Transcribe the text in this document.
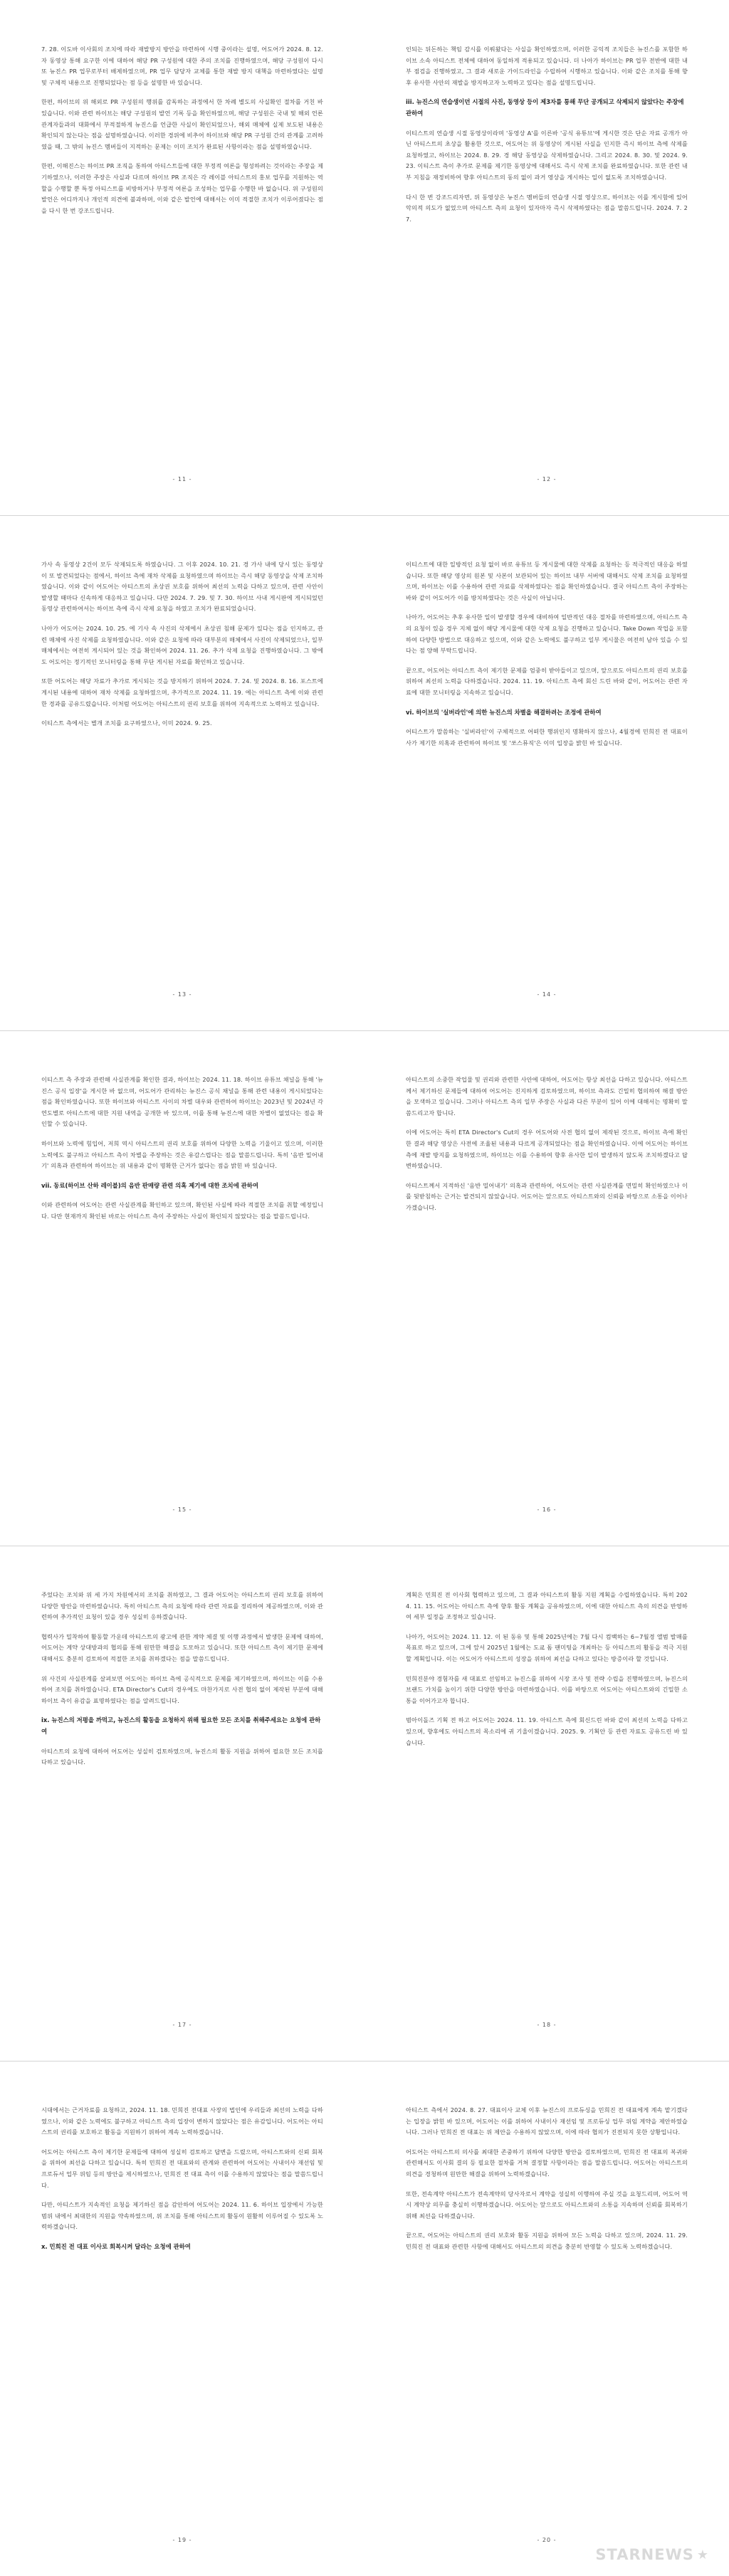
7. 28. 이도바 이사회의 조치에 따라 재발방지 방안을 마련하여 시행 중이라는 설명, 어도어가 2024. 8. 12.자 동영상 통해 요구한 이에 대하여 해당 PR 구성원에 대한 주의 조치를 진행하였으며, 해당 구성원이 다시 또 뉴진스 PR 업무로부터 배제하였으며, PR 업무 담당자 교체를 통한 재발 방지 대책을 마련하였다는 설명 및 구체적 내용으로 진행되었다는 점 등을 설명한 바 있습니다.
한편, 하이브의 위 해외로 PR 구성원의 행위를 감독하는 과정에서 한 차례 별도의 사실확인 절차를 거친 바 있습니다. 이와 관련 하이브는 해당 구성원의 발언 기록 등을 확인하였으며, 해당 구성원은 국내 및 해외 언론 관계자들과의 대화에서 부적절하게 뉴진스를 언급한 사실이 확인되었으나, 해외 매체에 실제 보도된 내용은 확인되지 않는다는 점을 설명하였습니다. 이러한 경위에 비추어 하이브와 해당 PR 구성원 간의 관계를 고려하였을 때, 그 밖의 뉴진스 멤버들이 지적하는 문제는 이미 조치가 완료된 사항이라는 점을 설명하였습니다.
한편, 이해진스는 하이브 PR 조직을 통하여 아티스트들에 대한 부정적 여론을 형성하려는 것이라는 주장을 제기하였으나, 이러한 주장은 사실과 다르며 하이브 PR 조직은 각 레이블 아티스트의 홍보 업무를 지원하는 역할을 수행할 뿐 특정 아티스트를 비방하거나 부정적 여론을 조성하는 업무를 수행한 바 없습니다. 위 구성원의 발언은 어디까지나 개인적 의견에 불과하며, 이와 같은 발언에 대해서는 이미 적절한 조치가 이루어졌다는 점을 다시 한 번 강조드립니다.
- 11 -
인되는 뒤돈하는 책임 감시를 이뤄왔다는 사실을 확인하였으며, 이러한 공익적 조치들은 뉴진스를 포함한 하이브 소속 아티스트 전체에 대하여 동일하게 적용되고 있습니다. 더 나아가 하이브는 PR 업무 전반에 대한 내부 점검을 진행하였고, 그 결과 새로운 가이드라인을 수립하여 시행하고 있습니다. 이와 같은 조치를 통해 향후 유사한 사안의 재발을 방지하고자 노력하고 있다는 점을 설명드립니다.
iii. 뉴진스의 연습생이던 시절의 사진, 동영상 등이 제3자를 통해 무단 공개되고 삭제되지 않았다는 주장에 관하여
이티스트의 연습생 시절 동영상이라며 '동영상 A'를 이른바 '공식 유튜브'에 게시한 것은 단순 자료 공개가 아닌 아티스트의 초상을 활용한 것으로, 어도어는 위 동영상이 게시된 사실을 인지한 즉시 하이브 측에 삭제를 요청하였고, 하이브는 2024. 8. 29. 경 해당 동영상을 삭제하였습니다. 그리고 2024. 8. 30. 및 2024. 9. 23. 이티스트 측이 추가로 문제를 제기한 동영상에 대해서도 즉시 삭제 조치를 완료하였습니다. 또한 관련 내부 지침을 재정비하여 향후 아티스트의 동의 없이 과거 영상을 게시하는 일이 없도록 조치하였습니다.
다시 한 번 강조드리자면, 위 동영상은 뉴진스 멤버들의 연습생 시절 영상으로, 하이브는 이를 게시함에 있어 악의적 의도가 없었으며 아티스트 측의 요청이 있자마자 즉시 삭제하였다는 점을 말씀드립니다. 2024. 7. 27.
- 12 -
가사 속 동영상 2건이 모두 삭제되도록 하였습니다. 그 이후 2024. 10. 21. 경 가사 내에 당시 있는 동영상이 또 발견되었다는 점에서, 하이브 측에 재차 삭제를 요청하였으며 하이브는 즉시 해당 동영상을 삭제 조치하였습니다. 이와 같이 어도어는 아티스트의 초상권 보호를 위하여 최선의 노력을 다하고 있으며, 관련 사안이 발생할 때마다 신속하게 대응하고 있습니다. 다만 2024. 7. 29. 및 7. 30. 하이브 사내 게시판에 게시되었던 동영상 관련하여서는 하이브 측에 즉시 삭제 요청을 하였고 조치가 완료되었습니다.
나아가 어도어는 2024. 10. 25. 에 기사 속 사진의 삭제에서 초상권 침해 문제가 있다는 점을 인지하고, 관련 매체에 사진 삭제를 요청하였습니다. 이와 같은 요청에 따라 대부분의 매체에서 사진이 삭제되었으나, 일부 매체에서는 여전히 게시되어 있는 것을 확인하여 2024. 11. 26. 추가 삭제 요청을 진행하였습니다. 그 밖에도 어도어는 정기적인 모니터링을 통해 무단 게시된 자료를 확인하고 있습니다.
또한 어도어는 해당 자료가 추가로 게시되는 것을 방지하기 위하여 2024. 7. 24. 및 2024. 8. 16. 포스트에 게시된 내용에 대하여 재차 삭제를 요청하였으며, 추가적으로 2024. 11. 19. 에는 아티스트 측에 이와 관련한 경과를 공유드렸습니다. 이처럼 어도어는 아티스트의 권리 보호를 위하여 지속적으로 노력하고 있습니다.
이티스트 측에서는 별개 조치를 요구하였으나, 이미 2024. 9. 25.
- 13 -
이티스트에 대한 일방적인 요청 없이 바로 유튜브 등 게시물에 대한 삭제를 요청하는 등 적극적인 대응을 하였습니다. 또한 해당 영상의 원본 및 사본이 보관되어 있는 하이브 내부 서버에 대해서도 삭제 조치를 요청하였으며, 하이브는 이를 수용하여 관련 자료를 삭제하였다는 점을 확인하였습니다. 결국 아티스트 측이 주장하는 바와 같이 어도어가 이를 방치하였다는 것은 사실이 아닙니다.
나아가, 어도어는 추후 유사한 일이 발생할 경우에 대비하여 일반적인 대응 절차를 마련하였으며, 아티스트 측의 요청이 있을 경우 지체 없이 해당 게시물에 대한 삭제 요청을 진행하고 있습니다. Take Down 작업을 포함하여 다양한 방법으로 대응하고 있으며, 이와 같은 노력에도 불구하고 일부 게시물은 여전히 남아 있을 수 있다는 점 양해 부탁드립니다.
끝으로, 어도어는 아티스트 측이 제기한 문제를 엄중히 받아들이고 있으며, 앞으로도 아티스트의 권리 보호를 위하여 최선의 노력을 다하겠습니다. 2024. 11. 19. 아티스트 측에 회신 드린 바와 같이, 어도어는 관련 자료에 대한 모니터링을 지속하고 있습니다.
vi. 하이브의 '실버라인'에 의한 뉴진스의 차별을 해결하려는 조정에 관하여
어티스트가 말씀하는 '실버라인'이 구체적으로 어떠한 행위인지 명확하지 않으나, 4월경에 민희진 전 대표이사가 제기한 의혹과 관련하여 하이브 및 '쏘스뮤직'은 이미 입장을 밝힌 바 있습니다.
- 14 -
이티스트 측 주장과 관련해 사실관계를 확인한 결과, 하이브는 2024. 11. 18. 하이브 유튜브 채널을 통해 '뉴진스 공식 입장'을 게시한 바 없으며, 어도어가 관리하는 뉴진스 공식 채널을 통해 관련 내용이 게시되었다는 점을 확인하였습니다. 또한 하이브와 아티스트 사이의 차별 대우와 관련하여 하이브는 2023년 및 2024년 각 연도별로 아티스트에 대한 지원 내역을 공개한 바 있으며, 이를 통해 뉴진스에 대한 차별이 없었다는 점을 확인할 수 있습니다.
하이브와 노력에 힘입어, 저희 역시 아티스트의 권리 보호를 위하여 다양한 노력을 기울이고 있으며, 이러한 노력에도 불구하고 아티스트 측이 차별을 주장하는 것은 유감스럽다는 점을 말씀드립니다. 특히 '음반 밀어내기' 의혹과 관련하여 하이브는 위 내용과 같이 명확한 근거가 없다는 점을 밝힌 바 있습니다.
vii. 동료(하이브 산하 레이블)의 음반 판매량 관련 의혹 제기에 대한 조치에 관하여
이와 관련하여 어도어는 관련 사실관계를 확인하고 있으며, 확인된 사실에 따라 적절한 조치를 취할 예정입니다. 다만 현재까지 확인된 바로는 아티스트 측이 주장하는 사실이 확인되지 않았다는 점을 말씀드립니다.
- 15 -
아티스트의 소중한 작업물 및 권리와 관련한 사안에 대하여, 어도어는 항상 최선을 다하고 있습니다. 아티스트께서 제기하신 문제들에 대하여 어도어는 진지하게 검토하였으며, 하이브 측과도 긴밀히 협의하여 해결 방안을 모색하고 있습니다. 그러나 아티스트 측의 일부 주장은 사실과 다른 부분이 있어 이에 대해서는 명확히 말씀드리고자 합니다.
이에 어도어는 특히 ETA Director's Cut의 경우 어도어와 사전 협의 없이 제작된 것으로, 하이브 측에 확인한 결과 해당 영상은 사전에 조율된 내용과 다르게 공개되었다는 점을 확인하였습니다. 이에 어도어는 하이브 측에 재발 방지를 요청하였으며, 하이브는 이를 수용하여 향후 유사한 일이 발생하지 않도록 조치하겠다고 답변하였습니다.
아티스트께서 지적하신 '음반 밀어내기' 의혹과 관련하여, 어도어는 관련 사실관계를 면밀히 확인하였으나 이를 뒷받침하는 근거는 발견되지 않았습니다. 어도어는 앞으로도 아티스트와의 신뢰를 바탕으로 소통을 이어나가겠습니다.
- 16 -
주었다는 조치와 위 세 가지 차원에서의 조치를 취하였고, 그 결과 어도어는 아티스트의 권리 보호를 위하여 다양한 방안을 마련하였습니다. 특히 아티스트 측의 요청에 따라 관련 자료를 정리하여 제공하였으며, 이와 관련하여 추가적인 요청이 있을 경우 성실히 응하겠습니다.
협력사가 밀착하여 활동할 가운데 아티스트의 광고에 관한 계약 체결 및 이행 과정에서 발생한 문제에 대하여, 어도어는 계약 상대방과의 협의를 통해 원만한 해결을 도모하고 있습니다. 또한 아티스트 측이 제기한 문제에 대해서도 충분히 검토하여 적절한 조치를 취하겠다는 점을 말씀드립니다.
위 사건의 사실관계를 살펴보면 어도어는 하이브 측에 공식적으로 문제를 제기하였으며, 하이브는 이를 수용하여 조치를 취하였습니다. ETA Director's Cut의 경우에도 마찬가지로 사전 협의 없이 제작된 부분에 대해 하이브 측이 유감을 표명하였다는 점을 알려드립니다.
ix. 뉴진스의 저평을 까먹고, 뉴진스의 활동을 요청하지 위해 필요한 모든 조치를 취해주세요는 요청에 관하여
아티스트의 요청에 대하여 어도어는 성실히 검토하였으며, 뉴진스의 활동 지원을 위하여 필요한 모든 조치를 다하고 있습니다.
- 17 -
계획은 민희진 전 이사회 협력하고 있으며, 그 결과 아티스트의 활동 지원 계획을 수립하였습니다. 특히 2024. 11. 15. 어도어는 아티스트 측에 향후 활동 계획을 공유하였으며, 이에 대한 아티스트 측의 의견을 반영하여 세부 일정을 조정하고 있습니다.
나아가, 어도어는 2024. 11. 12. 이 된 동유 및 통해 2025년에는 7월 다시 컴백하는 6~7월경 앨범 발매를 목표로 하고 있으며, 그에 앞서 2025년 1월에는 도쿄 돔 팬미팅을 개최하는 등 아티스트의 활동을 적극 지원할 계획입니다. 이는 어도어가 아티스트의 성장을 위하여 최선을 다하고 있다는 방증이라 할 것입니다.
민희진분야 경험자를 새 대표로 선임하고 뉴진스를 위하여 시장 조사 및 전략 수립을 진행하였으며, 뉴진스의 브랜드 가치를 높이기 위한 다양한 방안을 마련하였습니다. 이를 바탕으로 어도어는 아티스트와의 긴밀한 소통을 이어가고자 합니다.
범아이돌즈 기획 전 하고 어도어는 2024. 11. 19. 아티스트 측에 회신드린 바와 같이 최선의 노력을 다하고 있으며, 향후에도 아티스트의 목소리에 귀 기울이겠습니다. 2025. 9. 기획안 등 관련 자료도 공유드린 바 있습니다.
- 18 -
시대에서는 근거자료를 요청하고, 2024. 11. 18. 민희진 전대표 사장의 법인에 우리들과 최선의 노력을 다하였으나, 이와 같은 노력에도 불구하고 아티스트 측의 입장이 변하지 않았다는 점은 유감입니다. 어도어는 아티스트의 권리를 보호하고 활동을 지원하기 위하여 계속 노력하겠습니다.
어도어는 아티스트 측이 제기한 문제들에 대하여 성실히 검토하고 답변을 드렸으며, 아티스트와의 신뢰 회복을 위하여 최선을 다하고 있습니다. 특히 민희진 전 대표와의 관계와 관련하여 어도어는 사내이사 재선임 및 프로듀서 업무 위임 등의 방안을 제시하였으나, 민희진 전 대표 측이 이를 수용하지 않았다는 점을 말씀드립니다.
다만, 아티스트가 지속적인 요청을 제기하신 점을 감안하여 어도어는 2024. 11. 6. 하이브 입장에서 가능한 범위 내에서 최대한의 지원을 약속하였으며, 위 조치를 통해 아티스트의 활동이 원활히 이루어질 수 있도록 노력하겠습니다.
x. 민희진 전 대표 이사로 회복시켜 달라는 요청에 관하여
- 19 -
아티스트 측에서 2024. 8. 27. 대표이사 교체 이후 뉴진스의 프로듀싱을 민희진 전 대표에게 계속 맡기겠다는 입장을 밝힌 바 있으며, 어도어는 이를 위하여 사내이사 재선임 및 프로듀싱 업무 위임 계약을 제안하였습니다. 그러나 민희진 전 대표는 위 제안을 수용하지 않았으며, 이에 따라 협의가 진전되지 못한 상황입니다.
어도어는 아티스트의 의사를 최대한 존중하기 위하여 다양한 방안을 검토하였으며, 민희진 전 대표의 복귀와 관련해서도 이사회 결의 등 필요한 절차를 거쳐 결정할 사항이라는 점을 말씀드립니다. 어도어는 아티스트의 의견을 경청하며 원만한 해결을 위하여 노력하겠습니다.
또한, 전속계약 아티스트가 전속계약의 당사자로서 계약을 성실히 이행하여 주실 것을 요청드리며, 어도어 역시 계약상 의무를 충실히 이행하겠습니다. 어도어는 앞으로도 아티스트와의 소통을 지속하며 신뢰를 회복하기 위해 최선을 다하겠습니다.
끝으로, 어도어는 아티스트의 권리 보호와 활동 지원을 위하여 모든 노력을 다하고 있으며, 2024. 11. 29. 민희진 전 대표와 관련한 사항에 대해서도 아티스트의 의견을 충분히 반영할 수 있도록 노력하겠습니다.
- 20 -
STARNEWS ★
